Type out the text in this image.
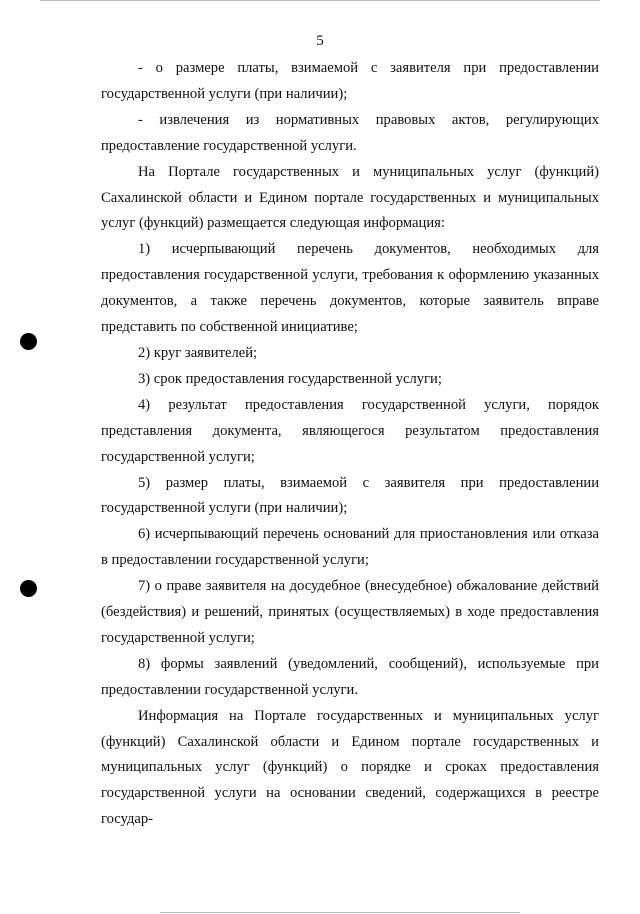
5

- о размере платы, взимаемой с заявителя при предоставлении государственной услуги (при наличии);

- извлечения из нормативных правовых актов, регулирующих предоставление государственной услуги.

На Портале государственных и муниципальных услуг (функций) Сахалинской области и Едином портале государственных и муниципальных услуг (функций) размещается следующая информация:

1) исчерпывающий перечень документов, необходимых для предоставления государственной услуги, требования к оформлению указанных документов, а также перечень документов, которые заявитель вправе представить по собственной инициативе;

2) круг заявителей;

3) срок предоставления государственной услуги;

4) результат предоставления государственной услуги, порядок представления документа, являющегося результатом предоставления государственной услуги;

5) размер платы, взимаемой с заявителя при предоставлении государственной услуги (при наличии);

6) исчерпывающий перечень оснований для приостановления или отказа в предоставлении государственной услуги;

7) о праве заявителя на досудебное (внесудебное) обжалование действий (бездействия) и решений, принятых (осуществляемых) в ходе предоставления государственной услуги;

8) формы заявлений (уведомлений, сообщений), используемые при предоставлении государственной услуги.

Информация на Портале государственных и муниципальных услуг (функций) Сахалинской области и Едином портале государственных и муниципальных услуг (функций) о порядке и сроках предоставления государственной услуги на основании сведений, содержащихся в реестре государ-
